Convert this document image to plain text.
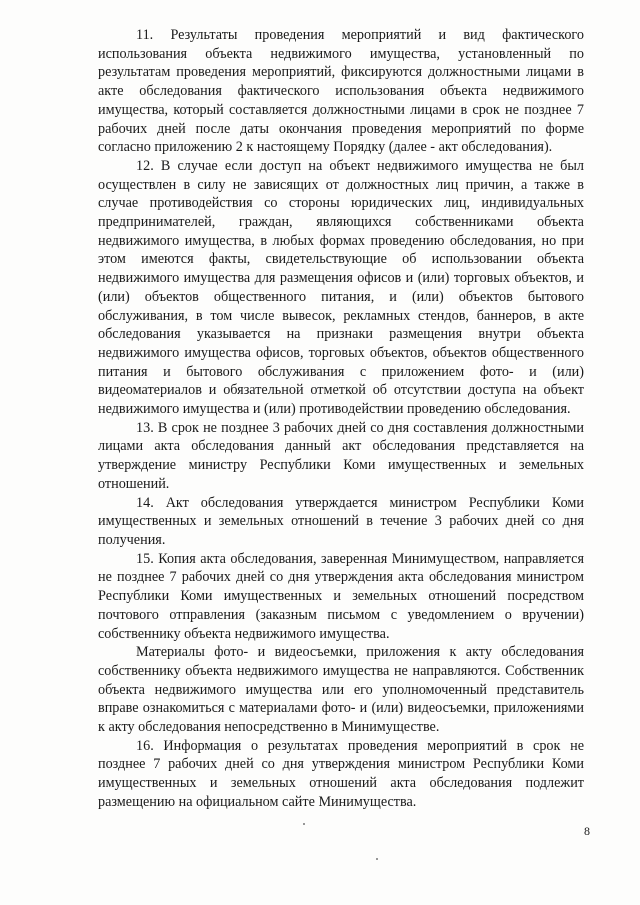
11. Результаты проведения мероприятий и вид фактического использования объекта недвижимого имущества, установленный по результатам проведения мероприятий, фиксируются должностными лицами в акте обследования фактического использования объекта недвижимого имущества, который составляется должностными лицами в срок не позднее 7 рабочих дней после даты окончания проведения мероприятий по форме согласно приложению 2 к настоящему Порядку (далее - акт обследования).

12. В случае если доступ на объект недвижимого имущества не был осуществлен в силу не зависящих от должностных лиц причин, а также в случае противодействия со стороны юридических лиц, индивидуальных предпринимателей, граждан, являющихся собственниками объекта недвижимого имущества, в любых формах проведению обследования, но при этом имеются факты, свидетельствующие об использовании объекта недвижимого имущества для размещения офисов и (или) торговых объектов, и (или) объектов общественного питания, и (или) объектов бытового обслуживания, в том числе вывесок, рекламных стендов, баннеров, в акте обследования указывается на признаки размещения внутри объекта недвижимого имущества офисов, торговых объектов, объектов общественного питания и бытового обслуживания с приложением фото- и (или) видеоматериалов и обязательной отметкой об отсутствии доступа на объект недвижимого имущества и (или) противодействии проведению обследования.

13. В срок не позднее 3 рабочих дней со дня составления должностными лицами акта обследования данный акт обследования представляется на утверждение министру Республики Коми имущественных и земельных отношений.

14. Акт обследования утверждается министром Республики Коми имущественных и земельных отношений в течение 3 рабочих дней со дня получения.

15. Копия акта обследования, заверенная Минимуществом, направляется не позднее 7 рабочих дней со дня утверждения акта обследования министром Республики Коми имущественных и земельных отношений посредством почтового отправления (заказным письмом с уведомлением о вручении) собственнику объекта недвижимого имущества.

Материалы фото- и видеосъемки, приложения к акту обследования собственнику объекта недвижимого имущества не направляются. Собственник объекта недвижимого имущества или его уполномоченный представитель вправе ознакомиться с материалами фото- и (или) видеосъемки, приложениями к акту обследования непосредственно в Минимуществе.

16. Информация о результатах проведения мероприятий в срок не позднее 7 рабочих дней со дня утверждения министром Республики Коми имущественных и земельных отношений акта обследования подлежит размещению на официальном сайте Минимущества.

8
